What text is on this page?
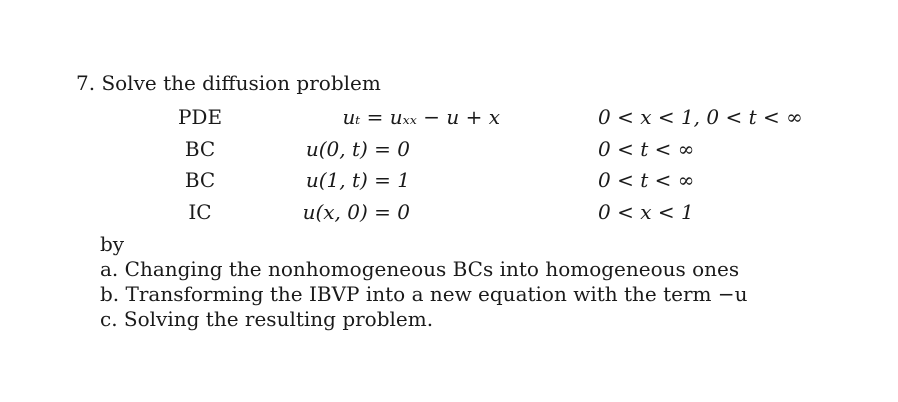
7. Solve the diffusion problem
PDE	uₜ = uₓₓ − u + x	0 < x < 1, 0 < t < ∞
BC	u(0, t) = 0	0 < t < ∞
BC	u(1, t) = 1	0 < t < ∞
IC	u(x, 0) = 0	0 < x < 1
by
a. Changing the nonhomogeneous BCs into homogeneous ones
b. Transforming the IBVP into a new equation with the term −u
c. Solving the resulting problem.
